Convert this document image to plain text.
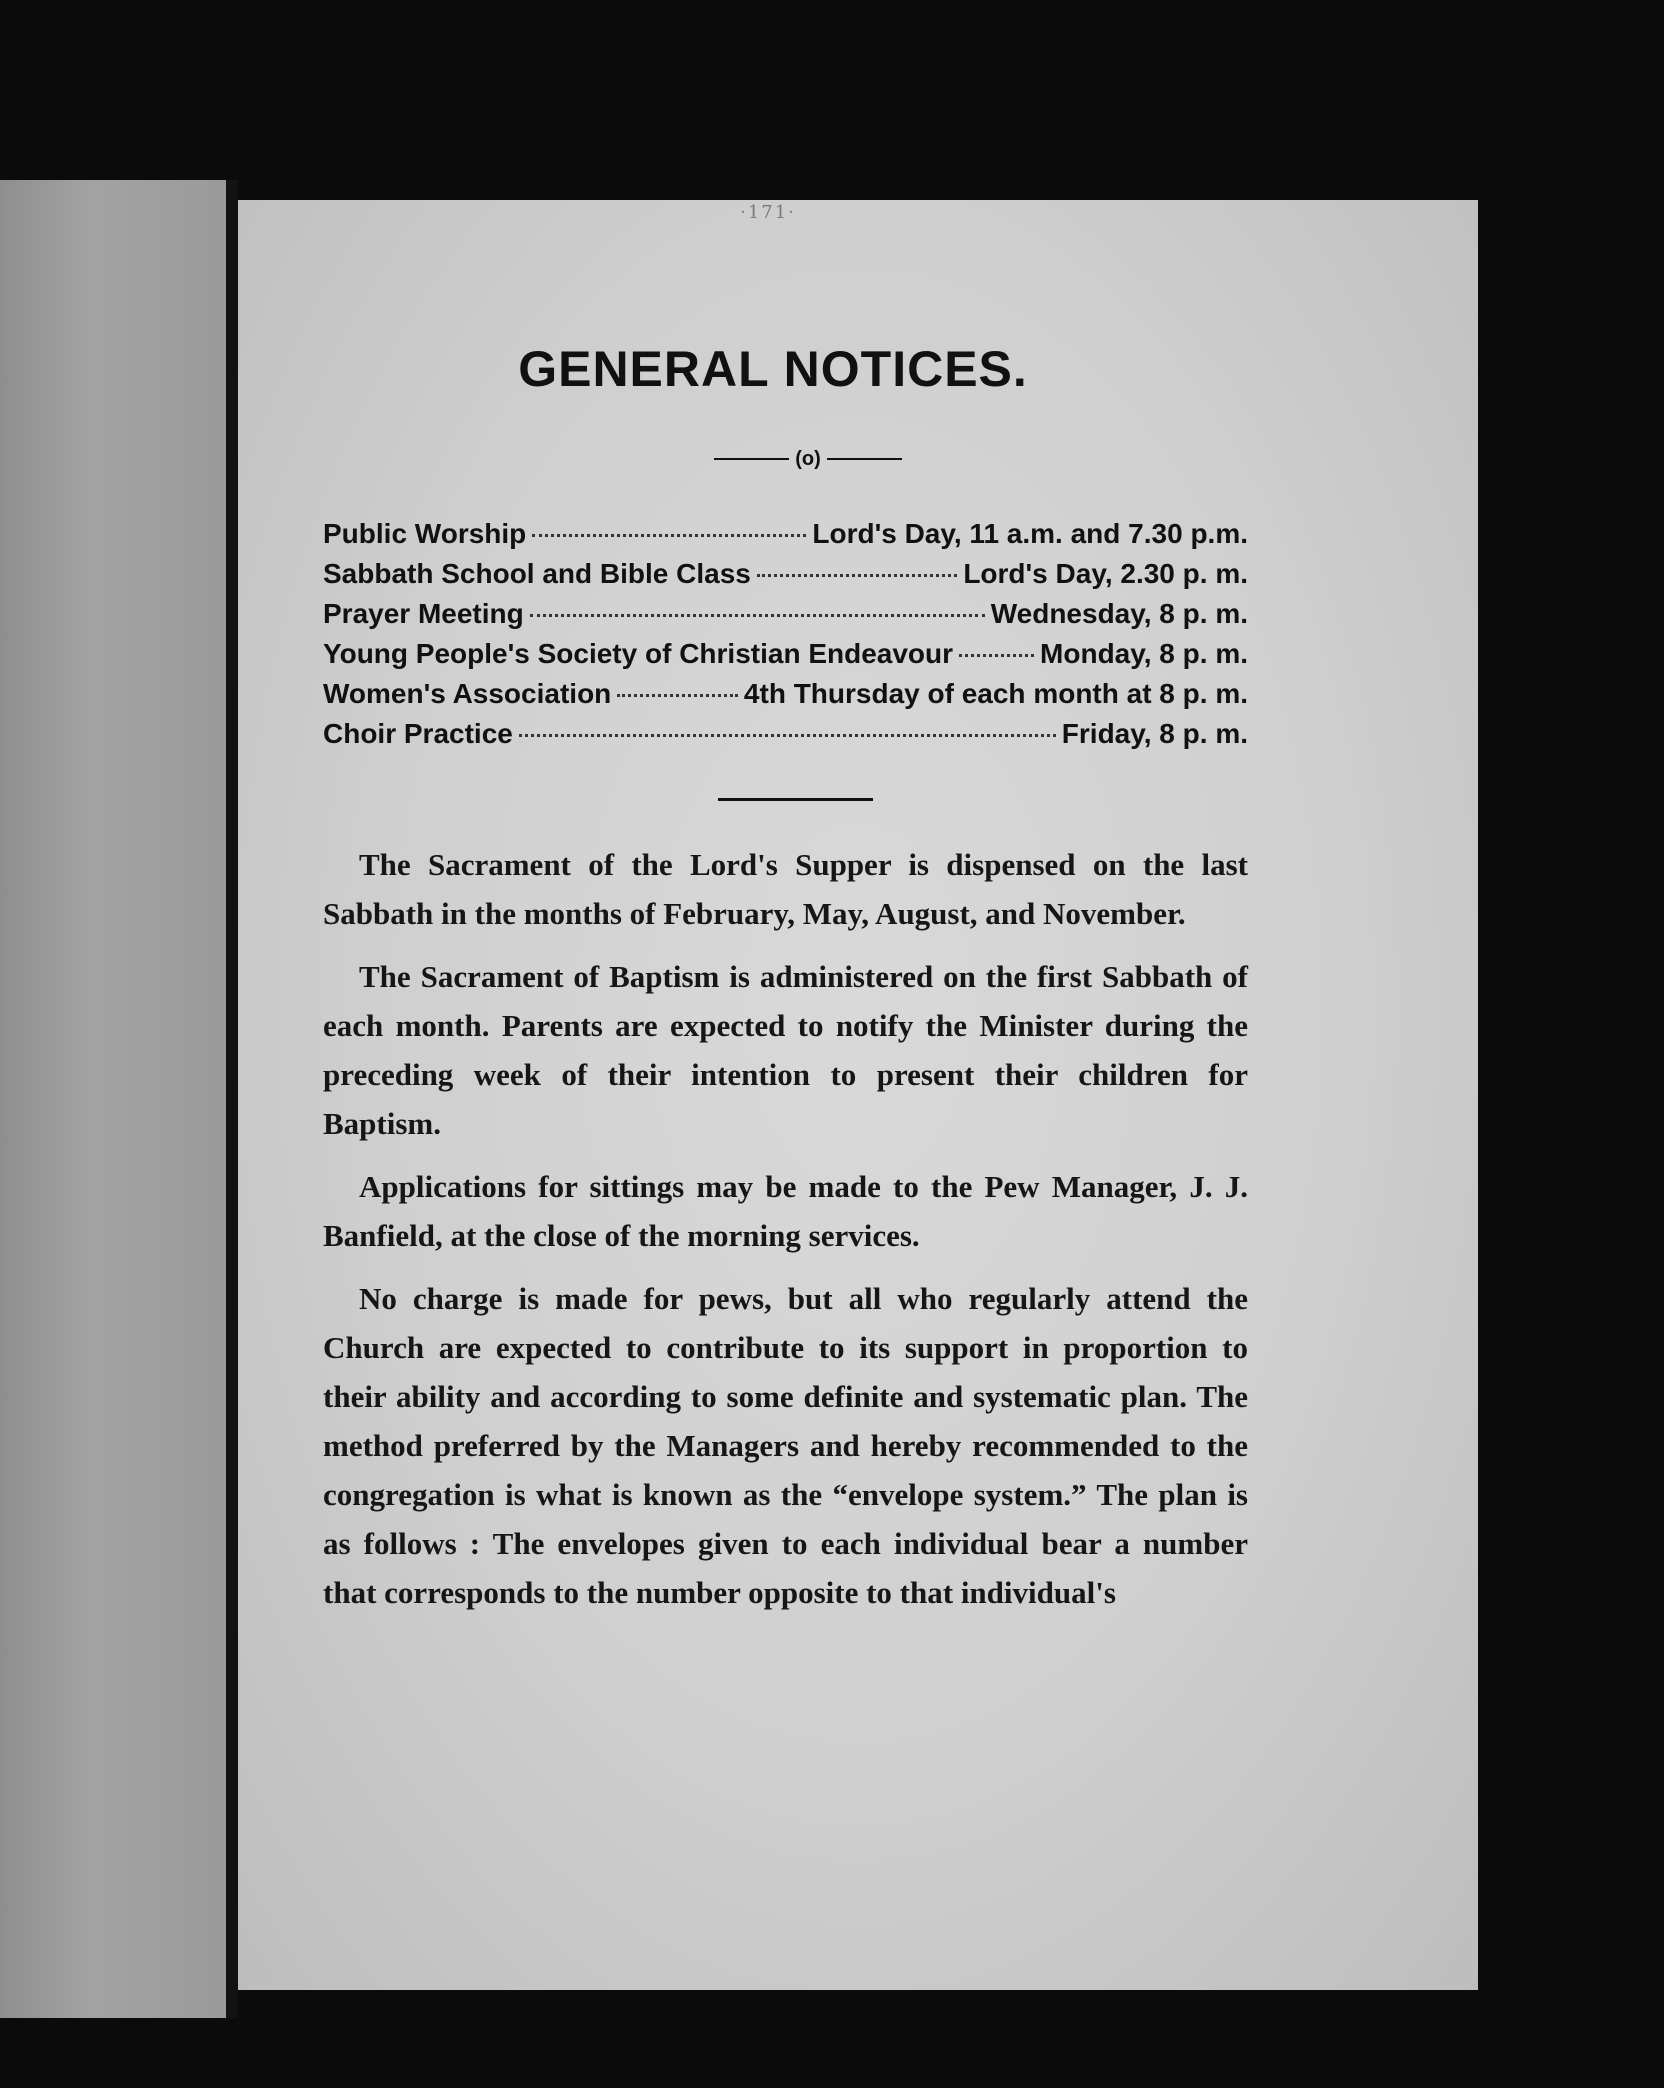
·171·
GENERAL NOTICES.
(o)
Public Worship	Lord's Day, 11 a.m. and 7.30 p.m.
Sabbath School and Bible Class	Lord's Day, 2.30 p. m.
Prayer Meeting	Wednesday, 8 p. m.
Young People's Society of Christian Endeavour	Monday, 8 p. m.
Women's Association	4th Thursday of each month at 8 p. m.
Choir Practice	Friday, 8 p. m.

The Sacrament of the Lord's Supper is dispensed on the last Sabbath in the months of February, May, August, and November.

The Sacrament of Baptism is administered on the first Sabbath of each month. Parents are expected to notify the Minister during the preceding week of their intention to present their children for Baptism.

Applications for sittings may be made to the Pew Manager, J. J. Banfield, at the close of the morning services.

No charge is made for pews, but all who regularly attend the Church are expected to contribute to its support in proportion to their ability and according to some definite and systematic plan. The method preferred by the Managers and hereby recommended to the congregation is what is known as the “envelope system.” The plan is as follows : The envelopes given to each individual bear a number that corresponds to the number opposite to that individual's
